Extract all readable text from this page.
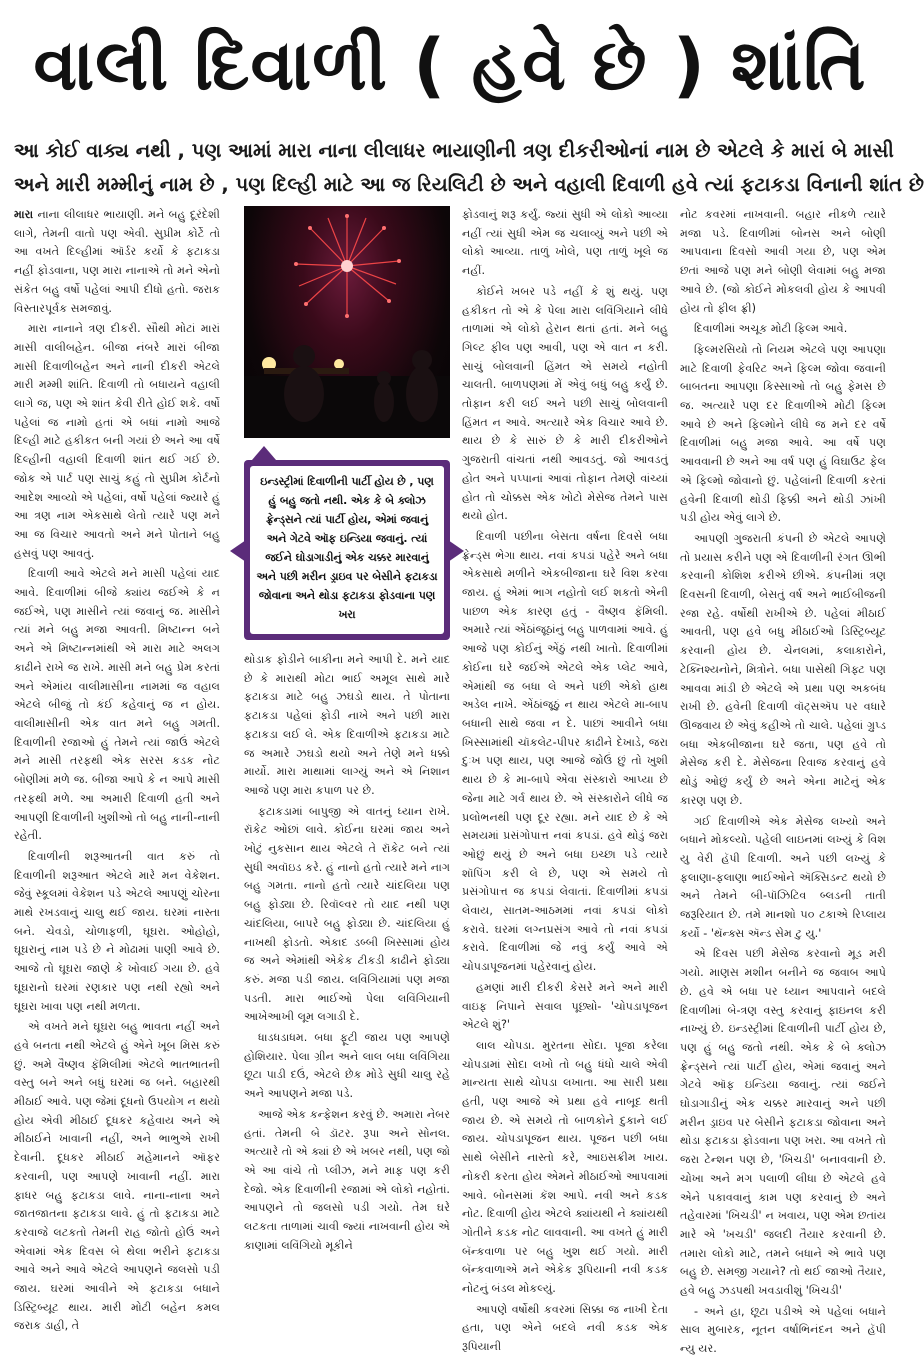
વાલી દિવાળી ( હવે છે ) શાંતિ
આ કોઈ વાક્ય નથી , પણ આમાં મારા નાના લીલાધર ભાયાણીની ત્રણ દીકરીઓનાં નામ છે એટલે કે મારાં બે માસી
અને મારી મમ્મીનું નામ છે , પણ દિલ્હી માટે આ જ રિયલિટી છે અને વહાલી દિવાળી હવે ત્યાં ફટાકડા વિનાની શાંત છે

મારા નાના લીલાધર ભાયાણી. મને બહુ દૂરંદેશી લાગે, તેમની વાતો પણ એવી. સુપ્રીમ કોર્ટે તો આ વખતે દિલ્હીમાં ઑર્ડર કર્યો કે ફટાકડા નહીં ફોડવાના, પણ મારા નાનાએ તો મને એનો સંકેત બહુ વર્ષો પહેલાં આપી દીધો હતો. જરાક વિસ્તારપૂર્વક સમજાવું.

મારા નાનાને ત્રણ દીકરી. સૌથી મોટાં મારાં માસી વાલીબહેન. બીજા નંબરે મારાં બીજા માસી દિવાળીબહેન અને નાની દીકરી એટલે મારી મમ્મી શાંતિ. દિવાળી તો બધાયને વહાલી લાગે જ, પણ એ શાંત કેવી રીતે હોઈ શકે. વર્ષો પહેલાં જ નામો હતાં એ બધાં નામો આજે દિલ્હી માટે હકીકત બની ગયાં છે અને આ વર્ષે દિલ્હીની વહાલી દિવાળી શાંત થઈ ગઈ છે. જોક એ પાર્ટ પણ સાચું કહું તો સુપ્રીમ કોર્ટનો આદેશ આવ્યો એ પહેલાં, વર્ષો પહેલાં જ્યારે હું આ ત્રણ નામ એકસાથે લેતો ત્યારે પણ મને આ જ વિચાર આવતો અને મને પોતાને બહુ હસવું પણ આવતું.

દિવાળી આવે એટલે મને માસી પહેલાં યાદ આવે. દિવાળીમાં બીજે ક્યાંય જઈએ કે ન જઈએ, પણ માસીને ત્યાં જવાનું જ. માસીને ત્યાં મને બહુ મજા આવતી. મિષ્ટાન્ન બને અને એ મિષ્ટાન્નમાંથી એ મારા માટે અલગ કાઢીને રાખે જ રાખે. માસી મને બહુ પ્રેમ કરતાં અને એમાંય વાલીમાસીના નામમાં જ વહાલ એટલે બીજું તો કંઈ કહેવાનું જ ન હોય. વાલીમાસીની એક વાત મને બહુ ગમતી. દિવાળીની રજાઓ હું તેમને ત્યાં જાઉં એટલે મને માસી તરફથી એક સરસ કડક નોટ બોણીમાં મળે જ. બીજા આપે કે ન આપે માસી તરફથી મળે. આ અમારી દિવાળી હતી અને આપણી દિવાળીની ખુશીઓ તો બહુ નાની-નાની રહેતી.

દિવાળીની શરૂઆતની વાત કરું તો દિવાળીની શરૂઆત એટલે મારે મન વેકેશન. જેવું સ્કૂલમાં વેકેશન પડે એટલે આપણું ચોરના માથે રખડવાનું ચાલુ થઈ જાય. ઘરમાં નાસ્તા બને. ચેવડો, ચોળાફળી, ઘૂઘરા. ઓહોહો, ઘૂઘરાનું નામ પડે છે ને મોઢામાં પાણી આવે છે. આજે તો ઘૂઘરા જાણે કે ખોવાઈ ગયા છે. હવે ઘૂઘરાનો ઘરમાં રણકાર પણ નથી રહ્યો અને ઘૂઘરા ખાવા પણ નથી મળતા.

એ વખતે મને ઘૂઘરા બહુ ભાવતા નહીં અને હવે બનતા નથી એટલે હું એને ખૂબ મિસ કરું છું. અમે વૈષ્ણવ ફૅમિલીમાં એટલે ભાતભાતની વસ્તુ બને અને બધું ઘરમાં જ બને. બહારથી મીઠાઈ આવે. પણ જેમાં દૂધનો ઉપયોગ ન થયો હોય એવી મીઠાઈ દૂધકર કહેવાય અને એ મીઠાઈને ખાવાની નહીં, અને ભાભુએ રાખી દેવાની. દૂધકર મીઠાઈ મહેમાનને ઑફર કરવાની, પણ આપણે ખાવાની નહીં. મારા ફાધર બહુ ફટાકડા લાવે. નાના-નાના અને જાતજાતના ફટાકડા લાવે. હું તો ફટાકડા માટે કરવાજે લટકતો તેમની રાહ જોતો હોઉં અને એવામાં એક દિવસ બે થેલા ભરીને ફટાકડા આવે અને આવે એટલે આપણને જલસો પડી જાય. ઘરમાં આવીને એ ફટાકડા બધાને ડિસ્ટ્રિબ્યૂટ થાય. મારી મોટી બહેન કમલ જરાક ડાહી, તે

ઇન્ડસ્ટ્રીમાં દિવાળીની પાર્ટી હોય છે , પણ હું બહુ જતો નથી. એક કે બે ક્લોઝ ફ્રેન્ડ્સને ત્યાં પાર્ટી હોય, એમાં જવાનું અને ગેટવે ઑફ ઇન્ડિયા જવાનું. ત્યાં જઈને ઘોડાગાડીનું એક ચક્કર મારવાનું અને પછી મરીન ડ્રાઇવ પર બેસીને ફટાકડા જોવાના અને થોડા ફટાકડા ફોડવાના પણ ખરા

થોડાક ફોડીને બાકીના મને આપી દે. મને યાદ છે કે મારાથી મોટા ભાઈ અમૂલ સાથે મારે ફટાકડા માટે બહુ ઝઘડો થાય. તે પોતાના ફટાકડા પહેલાં ફોડી નાખે અને પછી મારા ફટાકડા લઈ લે. એક દિવાળીએ ફટાકડા માટે જ અમારે ઝઘડો થયો અને તેણે મને ધક્કો માર્યો. મારા માથામાં લાગ્યું અને એ નિશાન આજે પણ મારા કપાળ પર છે.

ફટાકડામાં બાપુજી એ વાતનું ધ્યાન રાખે. રૉકેટ ઓછાં લાવે. કોઈના ઘરમાં જાય અને ખોટું નુકસાન થાય એટલે તે રૉકેટ બને ત્યાં સુધી અવૉઇડ કરે. હું નાનો હતો ત્યારે મને નાગ બહુ ગમતા. નાનો હતો ત્યારે ચાંદલિયા પણ બહુ ફોડ્યા છે. રિવૉલ્વર તો યાદ નથી પણ ચાંદલિયા, બાપરે બહુ ફોડ્યા છે. ચાંદલિયા હું નાખથી ફોડતો. એકાદ ડબ્બી ખિસ્સામાં હોય જ અને એમાંથી એકેક ટીકડી કાઢીને ફોડ્યા કરું. મજા પડી જાય. લવિંગિયામાં પણ મજા પડતી. મારા ભાઈઓ પેલા લવિંગિયાની આખેઆખી લૂમ લગાડી દે.

ધાડધડાધમ. બધા ફૂટી જાય પણ આપણે હોશિયાર. પેલા ગ્રીન અને લાલ બધા લવિંગિયા છૂટા પાડી દઉં, એટલે છેક મોડે સુધી ચાલુ રહે અને આપણને મજા પડે.

આજે એક કન્ફેશન કરવું છે. અમારા નેબર હતાં. તેમની બે ડૉટર. રૂપા અને સોનલ. અત્યારે તો એ ક્યાં છે એ ખબર નથી, પણ જો એ આ વાંચે તો પ્લીઝ, મને માફ પણ કરી દેજો. એક દિવાળીની રજામાં એ લોકો નહોતાં. આપણને તો જલસો પડી ગયો. તેમ ઘરે લટકતા તાળામાં ચાવી જ્યાં નાખવાની હોય એ કાણામાં લવિંગિયો મૂકીને

ફોડવાનું શરૂ કર્યું. જ્યાં સુધી એ લોકો આવ્યા નહીં ત્યાં સુધી એમ જ ચલાવ્યું અને પછી એ લોકો આવ્યા. તાળું ખોલે, પણ તાળું ખૂલે જ નહીં.

કોઈને ખબર પડે નહીં કે શું થયું. પણ હકીકત તો એ કે પેલા મારા લવિંગિયાને લીધે તાળામાં એ લોકો હેરાન થતાં હતાં. મને બહુ ગિલ્ટ ફીલ પણ આવી, પણ એ વાત ન કરી. સાચું બોલવાની હિંમત એ સમયે નહોતી ચાલતી. બાળપણમાં મેં એવું બધું બહુ કર્યું છે. તોફાન કરી લઈ અને પછી સાચું બોલવાની હિંમત ન આવે. અત્યારે એક વિચાર આવે છે. થાય છે કે સારું છે કે મારી દીકરીઓને ગુજરાતી વાંચતાં નથી આવડતું. જો આવડતું હોત અને પપ્પાનાં આવાં તોફાન તેમણે વાંચ્યાં હોત તો ચોક્કસ એક ખોટો મેસેજ તેમને પાસ થયો હોત.

દિવાળી પછીના બેસતા વર્ષના દિવસે બધા ફ્રેન્ડ્સ ભેગા થાય. નવાં કપડાં પહેરે અને બધા એકસાથે મળીને એકબીજાના ઘરે વિશ કરવા જાય. હું એમાં ભાગ નહોતો લઈ શકતો એની પાછળ એક કારણ હતું - વૈષ્ણવ ફૅમિલી. અમારે ત્યાં એંઠાંજૂઠાંનું બહુ પાળવામાં આવે. હું આજે પણ કોઈનું એંઠું નથી ખાતો. દિવાળીમાં કોઈના ઘરે જઈએ એટલે એક પ્લેટ આવે, એમાંથી જ બધા લે અને પછી એકો હાથ અડેલ નાખે. એંઠાંજૂઠું ન થાય એટલે મા-બાપ બધાની સાથે જવા ન દે. પાછાં આવીને બધા ખિસ્સામાંથી ચૉકલેટ-પીપર કાઢીને દેખાડે, જરા દુઃખ પણ થાય, પણ આજે જોઉં છું તો ખુશી થાય છે કે મા-બાપે એવા સંસ્કારો આપ્યા છે જેના માટે ગર્વ થાય છે. એ સંસ્કારોને લીધે જ પ્રલોભનથી પણ દૂર રહ્યા. મને યાદ છે કે એ સમયમાં પ્રસંગોપાત્ત નવાં કપડાં. હવે થોડું જરા ઓછું થયું છે અને બધા ઇચ્છા પડે ત્યારે શૉપિંગ કરી લે છે, પણ એ સમયે તો પ્રસંગોપાત્ત જ કપડાં લેવાતાં. દિવાળીમાં કપડાં લેવાય, સાતમ-આઠમમાં નવાં કપડાં લોકો કરાવે. ઘરમાં લગ્નપ્રસંગ આવે તો નવાં કપડાં કરાવે. દિવાળીમાં જે નવું કર્યું આવે એ ચોપડાપૂજનમાં પહેરવાનું હોય.

હમણાં મારી દીકરી કેસરે મને અને મારી વાઇફ નિપાને સવાલ પૂછ્યો- 'ચોપડાપૂજન એટલે શું?'

લાલ ચોપડા. મુરતના સોદા. પૂજા કરેલા ચોપડામાં સોદા લખો તો બહુ ધંધો ચાલે એવી માન્યતા સાથે ચોપડા લખાતા. આ સારી પ્રથા હતી, પણ આજે એ પ્રથા હવે નાબૂદ થતી જાય છે. એ સમયે તો બાળકોને દુકાને લઈ જાય. ચોપડાપૂજન થાય. પૂજન પછી બધા સાથે બેસીને નાસ્તો કરે, આઇસક્રીમ ખાય. નોકરી કરતા હોય એમને મીઠાઈઓ આપવામાં આવે. બોનસમાં કૅશ આપે. નવી અને કડક નોટ. દિવાળી હોય એટલે ક્યાંયથી ને ક્યાંયથી ગોતીને કડક નોટ લાવવાની. આ વખતે હું મારી બૅન્કવાળા પર બહુ ખુશ થઈ ગયો. મારી બૅન્કવાળાએ મને એકેક રૂપિયાની નવી કડક નોટનું બંડલ મોકલ્યું.

આપણે વર્ષોથી કવરમાં સિક્કા જ નાખી દેતા હતા, પણ એને બદલે નવી કડક એક રૂપિયાની

નોટ કવરમાં નાખવાની. બહાર નીકળે ત્યારે મજા પડે. દિવાળીમાં બોનસ અને બોણી આપવાના દિવસો આવી ગયા છે, પણ એમ છતાં આજે પણ મને બોણી લેવામાં બહુ મજા આવે છે. (જો કોઈને મોકલવી હોય કે આપવી હોય તો ફીલ ફ્રી)

દિવાળીમાં અચૂક મોટી ફિલ્મ આવે.

ફિલ્મરસિયો તો નિયમ એટલે પણ આપણા માટે દિવાળી ફેવરિટ અને ફિલ્મ જોવા જવાની બાબતના આપણા કિસ્સાઓ તો બહુ ફેમસ છે જ. અત્યારે પણ દર દિવાળીએ મોટી ફિલ્મ આવે છે અને ફિલ્મોને લીધે જ મને દર વર્ષે દિવાળીમાં બહુ મજા આવે. આ વર્ષે પણ આવવાની છે અને આ વર્ષ પણ હું વિઘાઉટ ફેલ એ ફિલ્મો જોવાનો છું. પહેલાંની દિવાળી કરતાં હવેની દિવાળી થોડી ફિક્કી અને થોડી ઝાંખી પડી હોય એવું લાગે છે.

આપણી ગુજરાતી કંપની છે એટલે આપણે તો પ્રયાસ કરીને પણ એ દિવાળીની રંગત ઊભી કરવાની કોશિશ કરીએ છીએ. કંપનીમાં ત્રણ દિવસની દિવાળી, બેસતું વર્ષ અને ભાઈબીજની રજા રહે. વર્ષોથી રાખીએ છે. પહેલાં મીઠાઈ આવતી, પણ હવે બધુ મીઠાઈઓ ડિસ્ટ્રિબ્યૂટ કરવાની હોય છે. ચેનલમાં, કલાકારોને, ટેક્નિશ્યનોને, મિત્રોને. બધા પાસેથી ગિફ્ટ પણ આવવા માંડી છે એટલે એ પ્રથા પણ અકબંધ રાખી છે. હવેની દિવાળી વૉટ્સઍપ પર વધારે ઊજવાય છે એવું કહીએ તો ચાલે. પહેલાં ગ્રુપ્ડ બધા એકબીજાના ઘરે જતા, પણ હવે તો મેસેજ કરી દે. મેસેજના રિવાજ કરવાનું હવે થોડું ઓછું કર્યું છે અને એના માટેનું એક કારણ પણ છે.

ગઈ દિવાળીએ એક મેસેજ લખ્યો અને બધાને મોકલ્યો. પહેલી લાઇનમાં લખ્યું કે વિશ યુ વેરી હૅપી દિવાળી. અને પછી લખ્યું કે ફલાણા-ફલાણા ભાઈઓને ઍક્સિડન્ટ થયો છે અને તેમને બી-પૉઝિટિવ બ્લડની તાતી જરૂરિયાત છે. તમે માનશો ૫૦ ટકાએ રિપ્લાય કર્યો - 'થૅન્ક્સ ઍન્ડ સેમ ટુ યુ.'

એ દિવસ પછી મેસેજ કરવાનો મૂડ મરી ગયો. માણસ મશીન બનીને જ જવાબ આપે છે. હવે એ બધા પર ધ્યાન આપવાને બદલે દિવાળીમાં બે-ત્રણ વસ્તુ કરવાનું ફાઇનલ કરી નાખ્યું છે. ઇન્ડસ્ટ્રીમાં દિવાળીની પાર્ટી હોય છે, પણ હું બહુ જતો નથી. એક કે બે ક્લોઝ ફ્રેન્ડ્સને ત્યાં પાર્ટી હોય, એમાં જવાનું અને ગેટવે ઑફ ઇન્ડિયા જવાનું. ત્યાં જઈને ઘોડાગાડીનું એક ચક્કર મારવાનું અને પછી મરીન ડ્રાઇવ પર બેસીને ફટાકડા જોવાના અને થોડા ફટાકડા ફોડવાના પણ ખરા. આ વખતે તો જરા ટેન્શન પણ છે, 'ખિચડી' બનાવવાની છે. ચોખા અને મગ પલાળી લીધા છે એટલે હવે એને પકાવવાનું કામ પણ કરવાનું છે અને તહેવારમાં 'ખિચડી' ન ખવાય, પણ એમ છતાંય મારે એ 'ખચડી' જલદી તૈયાર કરવાની છે. તમારા લોકો માટે, તમને બધાને એ ભાવે પણ બહુ છે. સમજી ગયાને? તો થઈ જાઓ તૈયાર, હવે બહુ ઝડપથી ખવડાવીશું 'ખિચડી'

- અને હા, છૂટા પડીએ એ પહેલાં બધાને સાલ મુબારક, નૂતન વર્ષાભિનંદન અને હૅપી ન્યુ યર.
